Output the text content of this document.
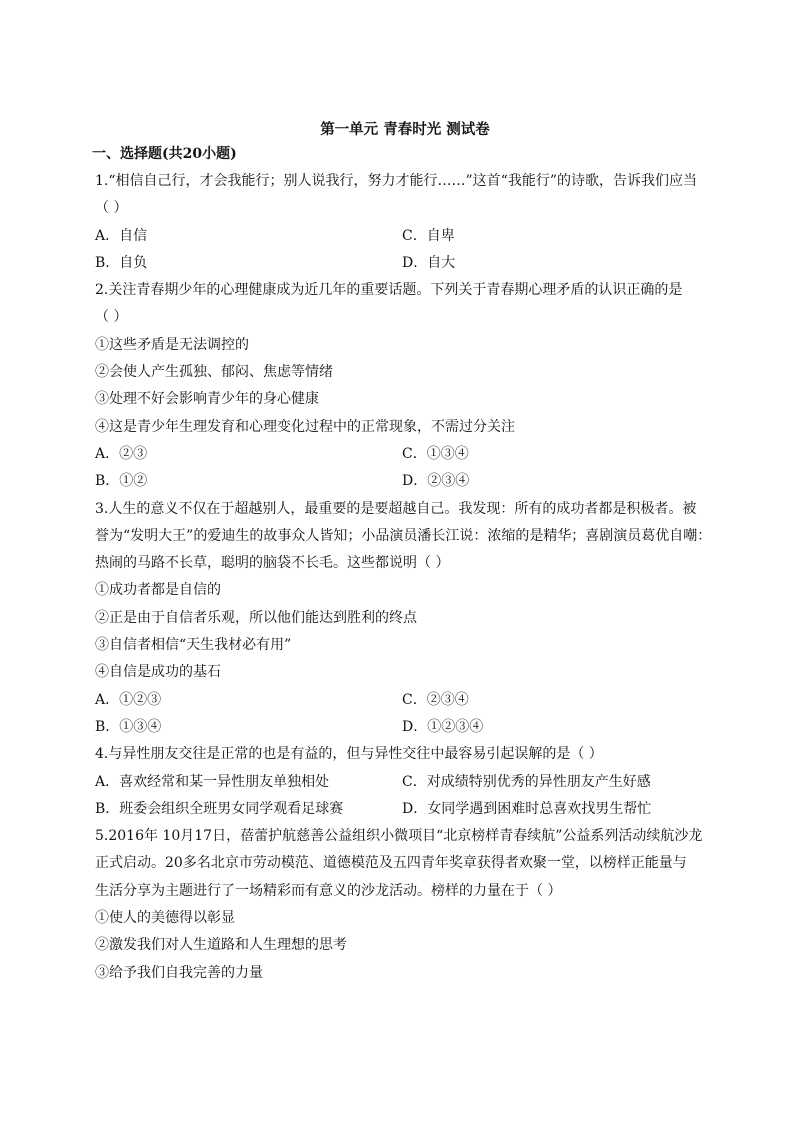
第一单元 青春时光 测试卷
一、选择题(共20小题)
1.“相信自己行，才会我能行；别人说我行，努力才能行……”这首“我能行”的诗歌，告诉我们应当
（ ）
A．自信	C．自卑
B．自负	D．自大
2.关注青春期少年的心理健康成为近几年的重要话题。下列关于青春期心理矛盾的认识正确的是
（ ）
①这些矛盾是无法调控的
②会使人产生孤独、郁闷、焦虑等情绪
③处理不好会影响青少年的身心健康
④这是青少年生理发育和心理变化过程中的正常现象，不需过分关注
A．②③	C．①③④
B．①②	D．②③④
3.人生的意义不仅在于超越别人，最重要的是要超越自己。我发现：所有的成功者都是积极者。被
誉为“发明大王”的爱迪生的故事众人皆知；小品演员潘长江说：浓缩的是精华；喜剧演员葛优自嘲：
热闹的马路不长草，聪明的脑袋不长毛。这些都说明（ ）
①成功者都是自信的
②正是由于自信者乐观，所以他们能达到胜利的终点
③自信者相信“天生我材必有用”
④自信是成功的基石
A．①②③	C．②③④
B．①③④	D．①②③④
4.与异性朋友交往是正常的也是有益的，但与异性交往中最容易引起误解的是（ ）
A．喜欢经常和某一异性朋友单独相处	C．对成绩特别优秀的异性朋友产生好感
B．班委会组织全班男女同学观看足球赛	D．女同学遇到困难时总喜欢找男生帮忙
5.2016年 10月17日，蓓蕾护航慈善公益组织小微项目“北京榜样青春续航”公益系列活动续航沙龙
正式启动。20多名北京市劳动模范、道德模范及五四青年奖章获得者欢聚一堂，以榜样正能量与
生活分享为主题进行了一场精彩而有意义的沙龙活动。榜样的力量在于（ ）
①使人的美德得以彰显
②激发我们对人生道路和人生理想的思考
③给予我们自我完善的力量
